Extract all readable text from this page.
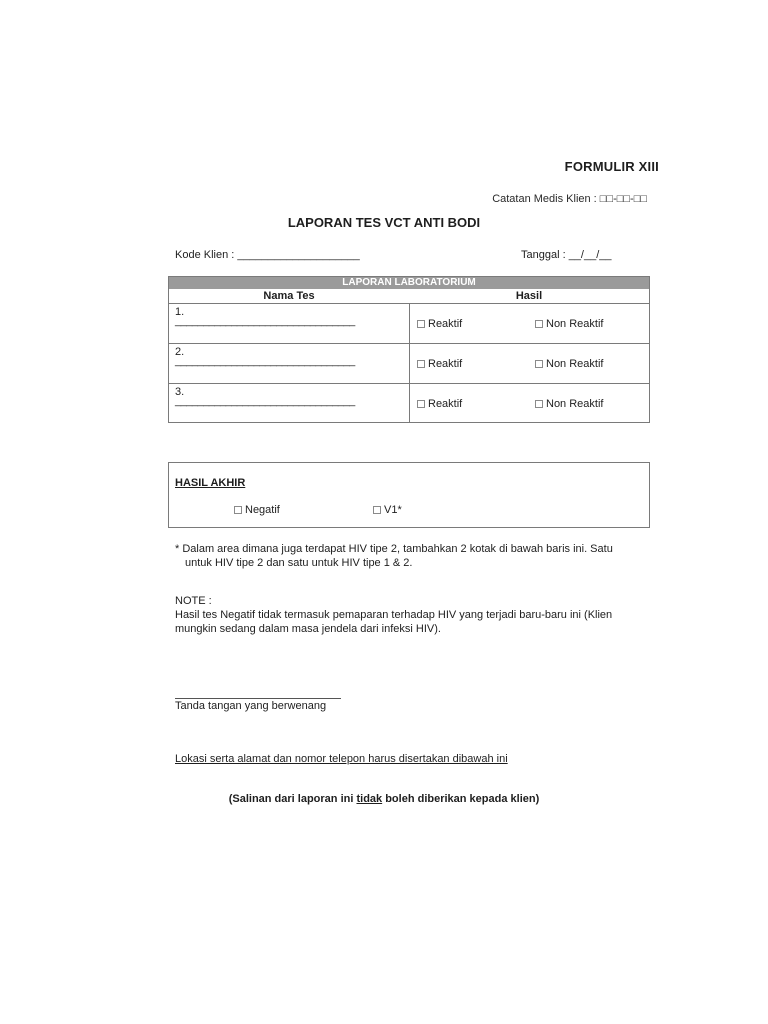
FORMULIR XIII
Catatan Medis Klien : □□-□□-□□
LAPORAN TES VCT ANTI BODI
Kode Klien : ____________________	Tanggal : __/__/__
LAPORAN LABORATORIUM
Nama Tes	Hasil
1.
________________________________	Reaktif	Non Reaktif
2.
________________________________	Reaktif	Non Reaktif
3.
________________________________	Reaktif	Non Reaktif
HASIL AKHIR
Negatif	V1*
* Dalam area dimana juga terdapat HIV tipe 2, tambahkan 2 kotak di bawah baris ini. Satu
untuk HIV tipe 2 dan satu untuk HIV tipe 1 & 2.
NOTE :
Hasil tes Negatif tidak termasuk pemaparan terhadap HIV yang terjadi baru-baru ini (Klien mungkin sedang dalam masa jendela dari infeksi HIV).
Tanda tangan yang berwenang
Lokasi serta alamat dan nomor telepon harus disertakan dibawah ini
(Salinan dari laporan ini tidak boleh diberikan kepada klien)
